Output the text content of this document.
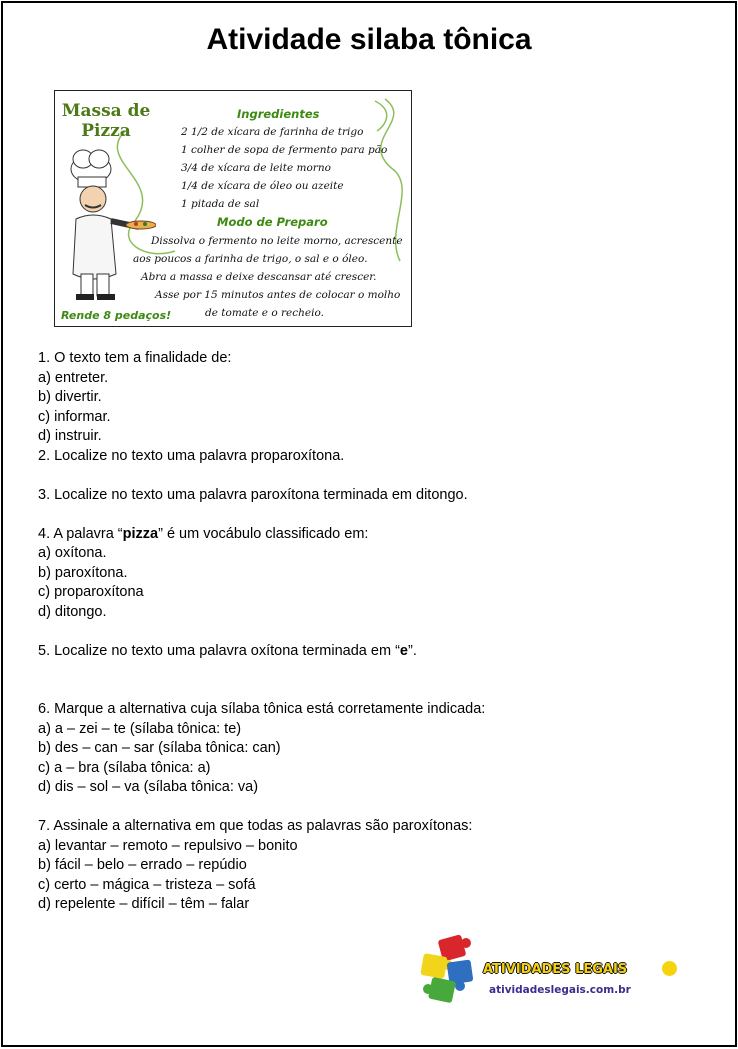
Atividade silaba tônica
Massa de
Pizza
Ingredientes
2 1/2 de xícara de farinha de trigo
1 colher de sopa de fermento para pão
3/4 de xícara de leite morno
1/4 de xícara de óleo ou azeite
1 pitada de sal
Modo de Preparo
Dissolva o fermento no leite morno, acrescente
aos poucos a farinha de trigo, o sal e o óleo.
Abra a massa e deixe descansar até crescer.
Asse por 15 minutos antes de colocar o molho
de tomate e o recheio.
Rende 8 pedaços!
1. O texto tem a finalidade de:
a) entreter.
b) divertir.
c) informar.
d) instruir.
2. Localize no texto uma palavra proparoxítona.
3. Localize no texto uma palavra paroxítona terminada em ditongo.
4. A palavra “pizza” é um vocábulo classificado em:
a) oxítona.
b) paroxítona.
c) proparoxítona
d) ditongo.
5. Localize no texto uma palavra oxítona terminada em “e”.
6. Marque a alternativa cuja sílaba tônica está corretamente indicada:
a) a – zei – te (sílaba tônica: te)
b) des – can – sar (sílaba tônica: can)
c) a – bra (sílaba tônica: a)
d) dis – sol – va (sílaba tônica: va)
7. Assinale a alternativa em que todas as palavras são paroxítonas:
a) levantar – remoto – repulsivo – bonito
b) fácil – belo – errado – repúdio
c) certo – mágica – tristeza – sofá
d) repelente – difícil – têm – falar
ATIVIDADES LEGAIS
atividadeslegais.com.br
